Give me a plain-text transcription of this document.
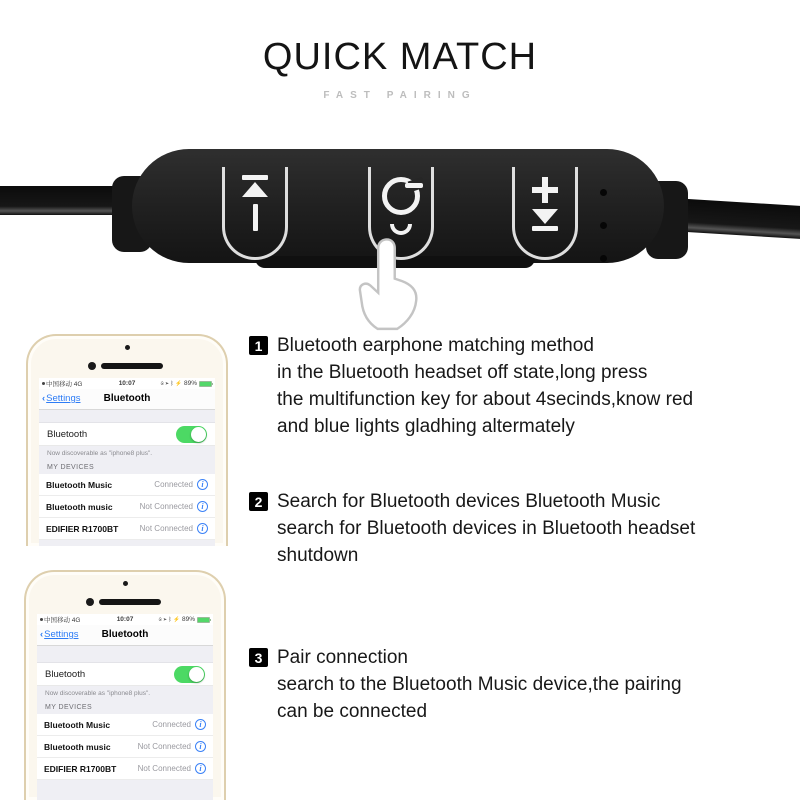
QUICK MATCH
FAST PAIRING
中国移动 4G	10:07	◉ ➤ ᛒ ⚡ 89%
‹Settings	Bluetooth
Bluetooth
Now discoverable as "iphone8 plus".
MY DEVICES
Bluetooth Music	Connected	i
Bluetooth music	Not Connected	i
EDIFIER R1700BT	Not Connected	i
中国移动 4G	10:07	◉ ➤ ᛒ ⚡ 89%
‹Settings	Bluetooth
Bluetooth
Now discoverable as "iphone8 plus".
MY DEVICES
Bluetooth Music	Connected	i
Bluetooth music	Not Connected	i
EDIFIER R1700BT	Not Connected	i
1 Bluetooth earphone matching method
in the Bluetooth headset off state,long press
the multifunction key for about 4secinds,know red
and blue lights gladhing altermately
2 Search for Bluetooth devices Bluetooth Music
search for Bluetooth devices in Bluetooth headset
shutdown
3 Pair connection
search to the Bluetooth Music device,the pairing
can be connected
